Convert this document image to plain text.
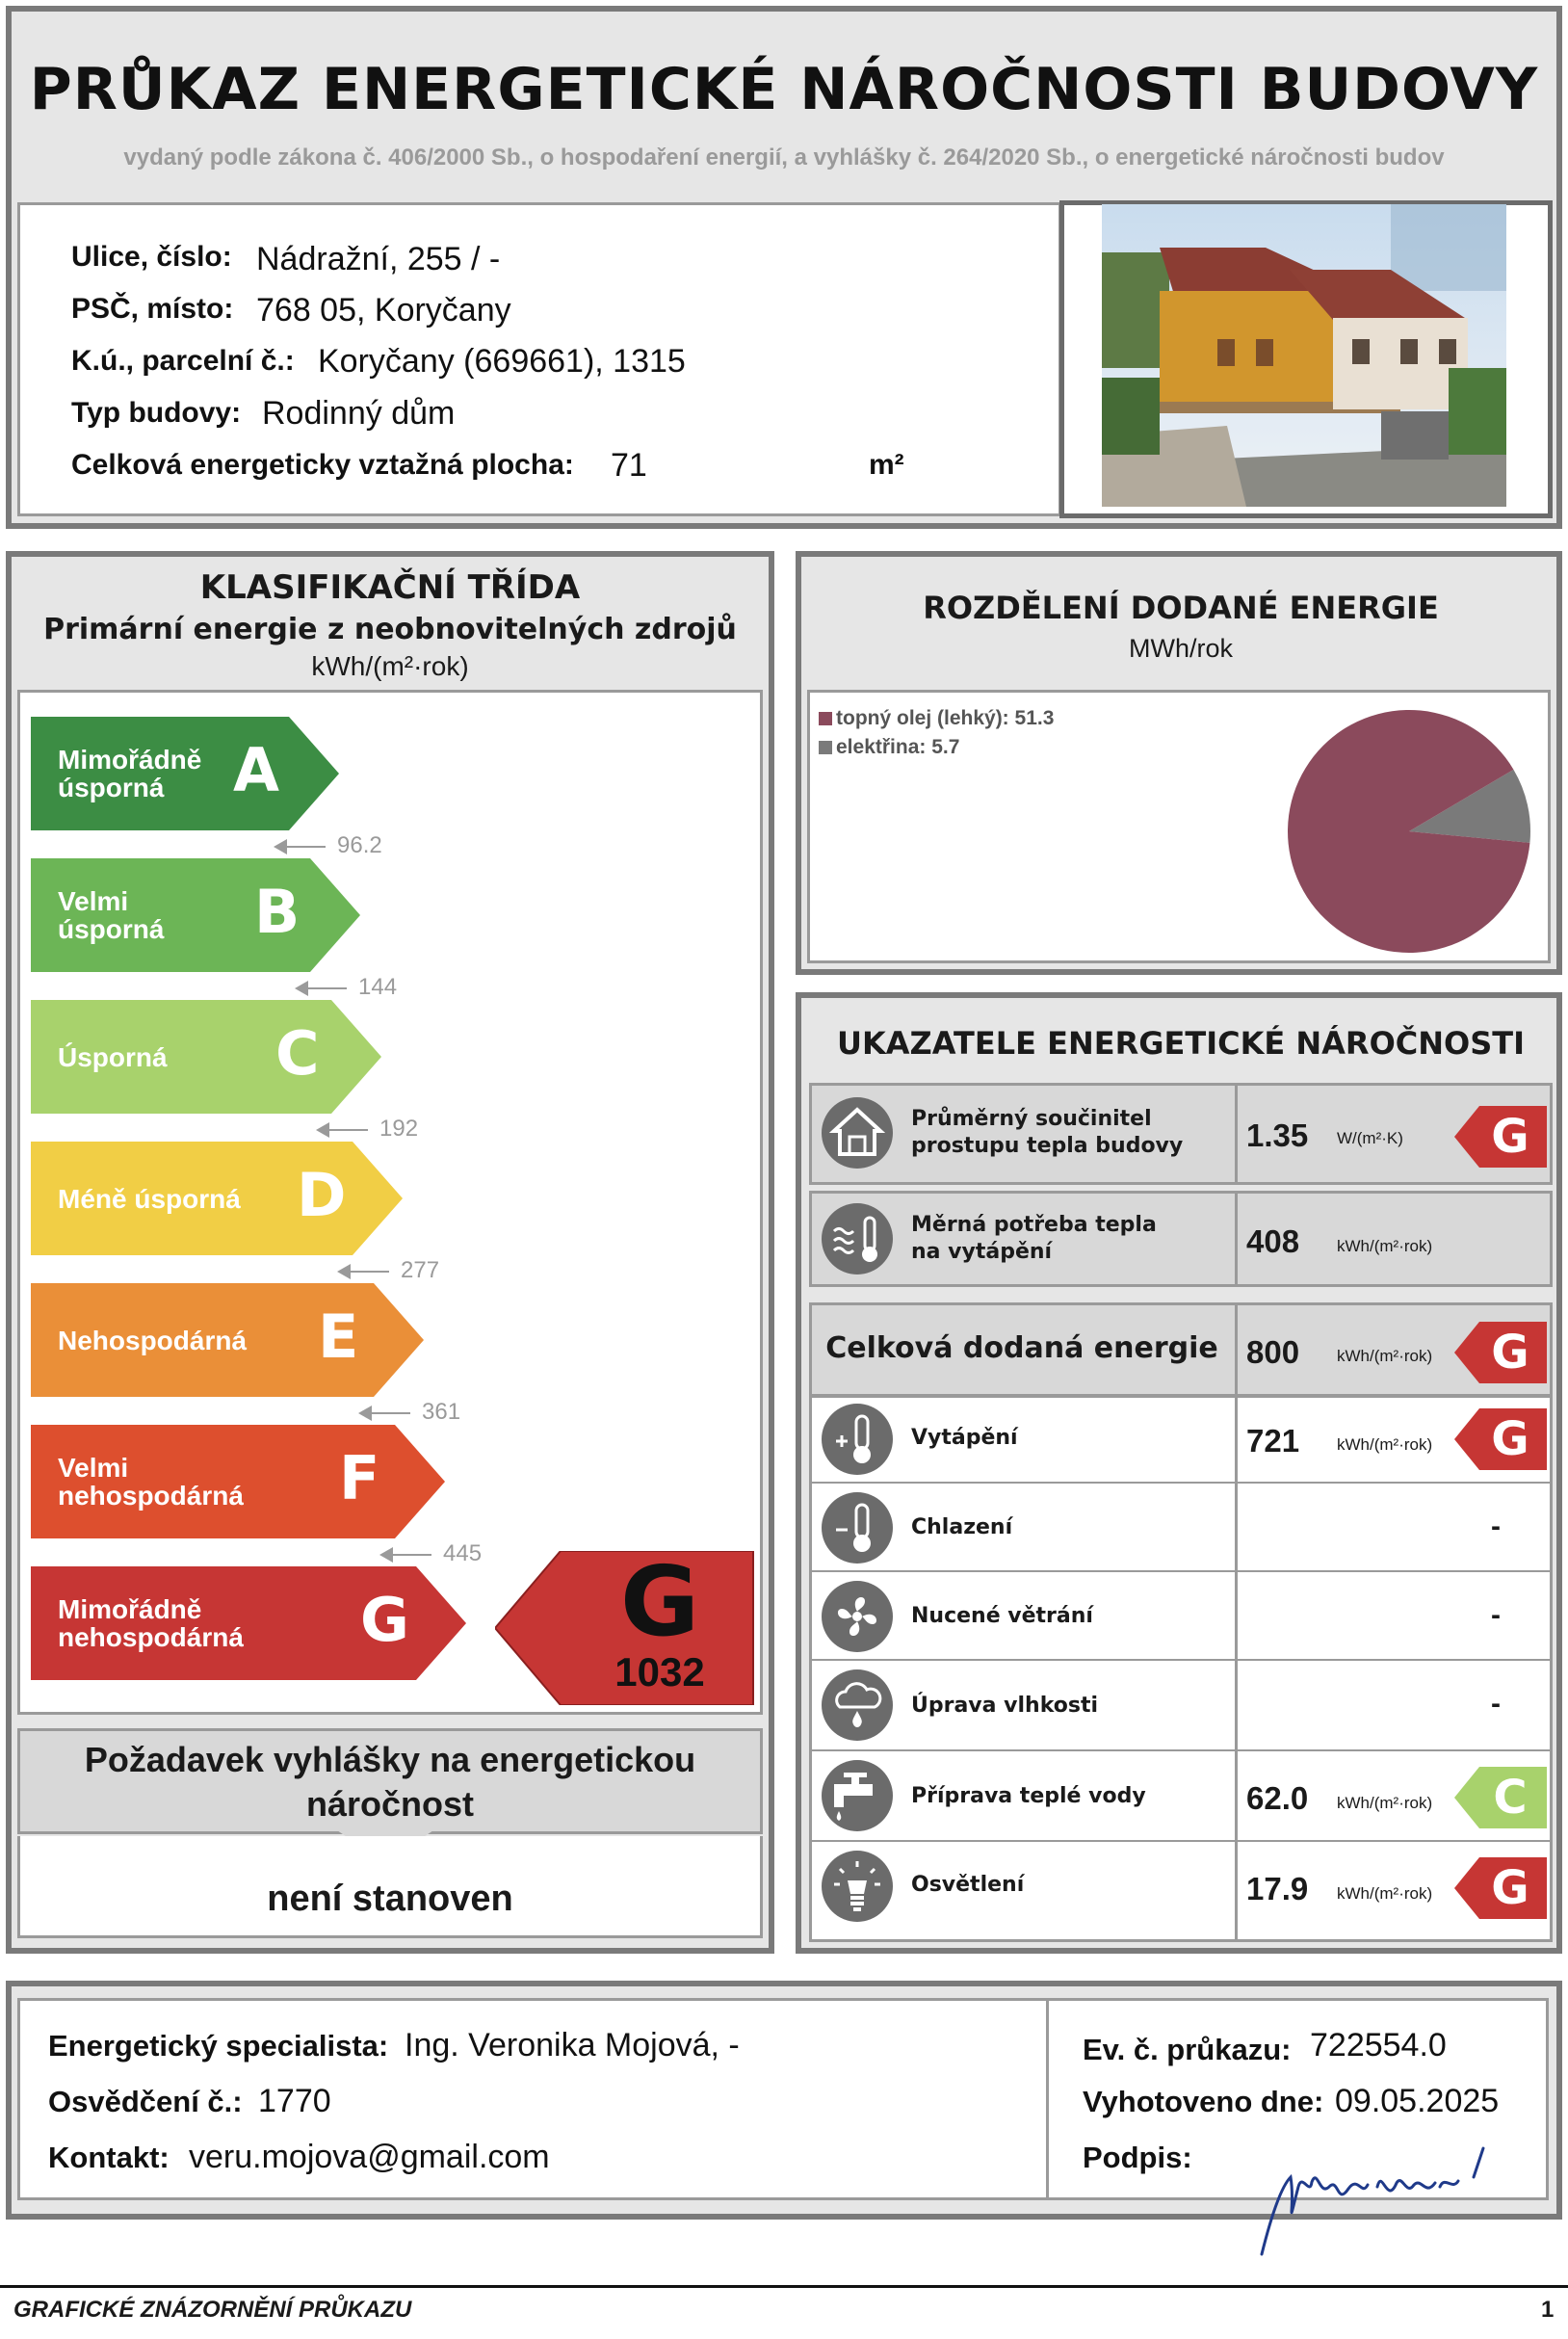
PRŮKAZ ENERGETICKÉ NÁROČNOSTI BUDOVY
vydaný podle zákona č. 406/2000 Sb., o hospodaření energií, a vyhlášky č. 264/2020 Sb., o energetické náročnosti budov
Ulice, číslo: Nádražní, 255 / -
PSČ, místo: 768 05, Koryčany
K.ú., parcelní č.: Koryčany (669661), 1315
Typ budovy: Rodinný dům
Celková energeticky vztažná plocha: 71	m²
KLASIFIKAČNÍ TŘÍDA
Primární energie z neobnovitelných zdrojů
kWh/(m²·rok)
Mimořádně
úsporná	A
96.2
Velmi
úsporná B
144
Úsporná C
192
Méně úsporná D
277
Nehospodárná E
361
Velmi
nehospodárná F
445
Mimořádně
nehospodárná G	G
1032
Požadavek vyhlášky na energetickou náročnost
není stanoven
ROZDĚLENÍ DODANÉ ENERGIE
MWh/rok
topný olej (lehký): 51.3
elektřina: 5.7
UKAZATELE ENERGETICKÉ NÁROČNOSTI
Průměrný součinitel
prostupu tepla budovy 1.35 W/(m²·K) G
Měrná potřeba tepla
na vytápění	408 kWh/(m²·rok)
Celková dodaná energie 800 kWh/(m²·rok) G
Vytápění	721 kWh/(m²·rok) G
Chlazení	-
Nucené větrání	-
Úprava vlhkosti	-
Příprava teplé vody	62.0 kWh/(m²·rok) C
Osvětlení	17.9 kWh/(m²·rok) G
Energetický specialista: Ing. Veronika Mojová, -
Osvědčení č.: 1770
Kontakt: veru.mojova@gmail.com
Ev. č. průkazu: 722554.0
Vyhotoveno dne: 09.05.2025
Podpis:
GRAFICKÉ ZNÁZORNĚNÍ PRŮKAZU	1
